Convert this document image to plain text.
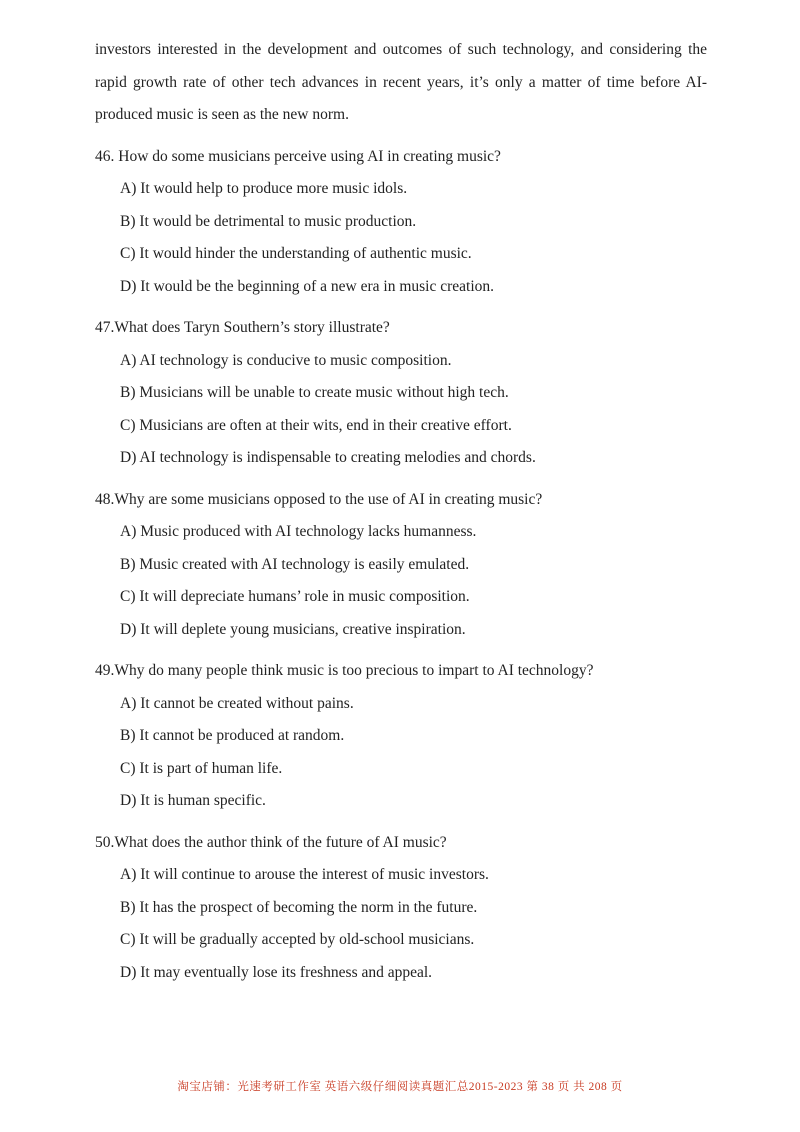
investors interested in the development and outcomes of such technology, and considering the rapid growth rate of other tech advances in recent years, it’s only a matter of time before AI-produced music is seen as the new norm.

46. How do some musicians perceive using AI in creating music?
A) It would help to produce more music idols.
B) It would be detrimental to music production.
C) It would hinder the understanding of authentic music.
D) It would be the beginning of a new era in music creation.
47.What does Taryn Southern’s story illustrate?
A) AI technology is conducive to music composition.
B) Musicians will be unable to create music without high tech.
C) Musicians are often at their wits, end in their creative effort.
D) AI technology is indispensable to creating melodies and chords.
48.Why are some musicians opposed to the use of AI in creating music?
A) Music produced with AI technology lacks humanness.
B) Music created with AI technology is easily emulated.
C) It will depreciate humans’ role in music composition.
D) It will deplete young musicians, creative inspiration.
49.Why do many people think music is too precious to impart to AI technology?
A) It cannot be created without pains.
B) It cannot be produced at random.
C) It is part of human life.
D) It is human specific.
50.What does the author think of the future of AI music?
A) It will continue to arouse the interest of music investors.
B) It has the prospect of becoming the norm in the future.
C) It will be gradually accepted by old-school musicians.
D) It may eventually lose its freshness and appeal.
淘宝店铺：光速考研工作室 英语六级仔细阅读真题汇总2015-2023 第 38 页 共 208 页
